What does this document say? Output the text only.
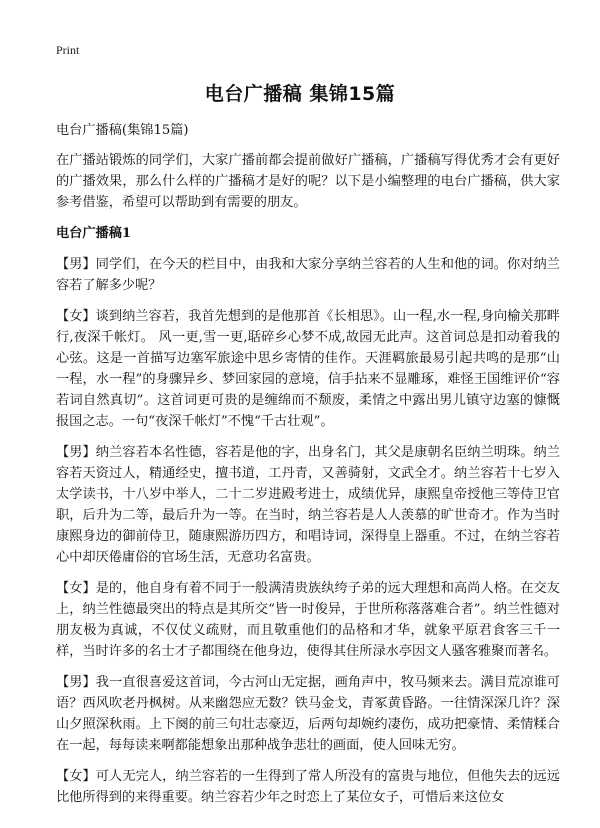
Print
电台广播稿 集锦15篇
电台广播稿(集锦15篇)

在广播站锻炼的同学们，大家广播前都会提前做好广播稿，广播稿写得优秀才会有更好的广播效果，那么什么样的广播稿才是好的呢？以下是小编整理的电台广播稿，供大家参考借鉴，希望可以帮助到有需要的朋友。

电台广播稿1

【男】同学们，在今天的栏目中，由我和大家分享纳兰容若的人生和他的词。你对纳兰容若了解多少呢？

【女】谈到纳兰容若，我首先想到的是他那首《长相思》。山一程,水一程,身向榆关那畔行,夜深千帐灯。 风一更,雪一更,聒碎乡心梦不成,故园无此声。这首词总是扣动着我的心弦。这是一首描写边塞军旅途中思乡寄情的佳作。天涯羁旅最易引起共鸣的是那“山一程，水一程”的身骤异乡、梦回家园的意境，信手拈来不显雕琢，难怪王国维评价“容若词自然真切”。这首词更可贵的是缠绵而不颓废，柔情之中露出男儿镇守边塞的慷慨报国之志。一句“夜深千帐灯”不愧“千古壮观”。

【男】纳兰容若本名性德，容若是他的字，出身名门，其父是康朝名臣纳兰明珠。纳兰容若天资过人，精通经史，擅书道，工丹青，又善骑射，文武全才。纳兰容若十七岁入太学读书，十八岁中举人，二十二岁进殿考进士，成绩优异，康熙皇帝授他三等侍卫官职，后升为二等，最后升为一等。在当时，纳兰容若是人人羡慕的旷世奇才。作为当时康熙身边的御前侍卫，随康熙游历四方，和唱诗词，深得皇上器重。不过，在纳兰容若心中却厌倦庸俗的官场生活，无意功名富贵。

【女】是的，他自身有着不同于一般满清贵族纨绔子弟的远大理想和高尚人格。在交友上，纳兰性德最突出的特点是其所交“皆一时俊异，于世所称落落难合者”。纳兰性德对朋友极为真诚，不仅仗义疏财，而且敬重他们的品格和才华，就象平原君食客三千一样，当时许多的名士才子都围绕在他身边，使得其住所渌水亭因文人骚客雅聚而著名。

【男】我一直很喜爱这首词，今古河山无定据，画角声中，牧马频来去。满目荒凉谁可语？西风吹老丹枫树。从来幽怨应无数？铁马金戈，青冢黄昏路。一往情深深几许？深山夕照深秋雨。上下阕的前三句壮志豪迈，后两句却婉约凄伤，成功把豪情、柔情糅合在一起，每每读来啊都能想象出那种战争悲壮的画面，使人回味无穷。

【女】可人无完人，纳兰容若的一生得到了常人所没有的富贵与地位，但他失去的远远比他所得到的来得重要。纳兰容若少年之时恋上了某位女子，可惜后来这位女
